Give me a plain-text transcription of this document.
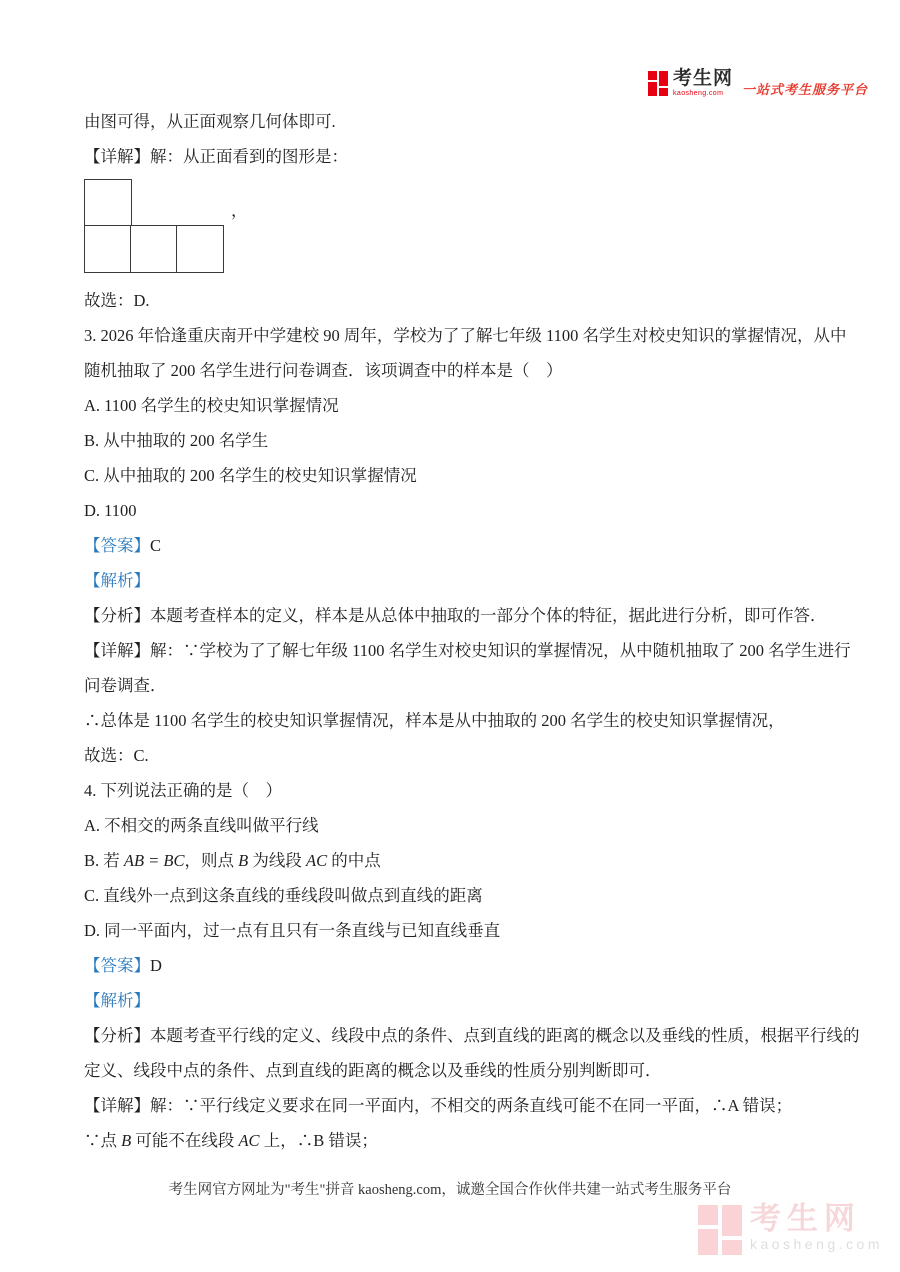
考生网
kaosheng.com	一站式考生服务平台
由图可得，从正面观察几何体即可.
【详解】解：从正面看到的图形是：
，
故选：D.
3. 2026 年恰逢重庆南开中学建校 90 周年，学校为了了解七年级 1100 名学生对校史知识的掌握情况，从中
随机抽取了 200 名学生进行问卷调查．该项调查中的样本是（　）
A. 1100 名学生的校史知识掌握情况
B. 从中抽取的 200 名学生
C. 从中抽取的 200 名学生的校史知识掌握情况
D. 1100
【答案】C
【解析】
【分析】本题考查样本的定义，样本是从总体中抽取的一部分个体的特征，据此进行分析，即可作答．
【详解】解：∵学校为了了解七年级 1100 名学生对校史知识的掌握情况，从中随机抽取了 200 名学生进行
问卷调查．
∴总体是 1100 名学生的校史知识掌握情况，样本是从中抽取的 200 名学生的校史知识掌握情况，
故选：C.
4. 下列说法正确的是（　）
A. 不相交的两条直线叫做平行线
B. 若 AB = BC，则点 B 为线段 AC 的中点
C. 直线外一点到这条直线的垂线段叫做点到直线的距离
D. 同一平面内，过一点有且只有一条直线与已知直线垂直
【答案】D
【解析】
【分析】本题考查平行线的定义、线段中点的条件、点到直线的距离的概念以及垂线的性质，根据平行线的
定义、线段中点的条件、点到直线的距离的概念以及垂线的性质分别判断即可．
【详解】解：∵平行线定义要求在同一平面内，不相交的两条直线可能不在同一平面，∴A 错误；
∵点 B 可能不在线段 AC 上，∴B 错误；
考生网官方网址为"考生"拼音 kaosheng.com，诚邀全国合作伙伴共建一站式考生服务平台
考生网
kaosheng.com
